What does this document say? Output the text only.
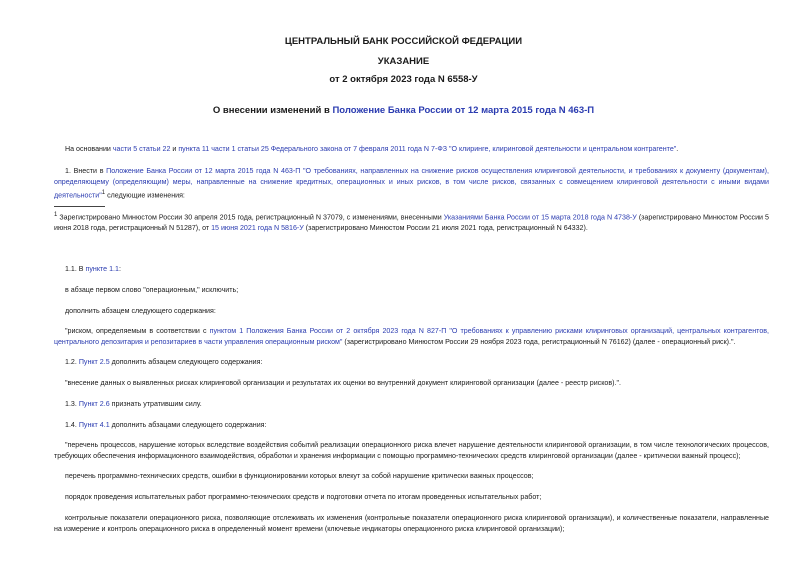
ЦЕНТРАЛЬНЫЙ БАНК РОССИЙСКОЙ ФЕДЕРАЦИИ
УКАЗАНИЕ
от 2 октября 2023 года N 6558-У
О внесении изменений в Положение Банка России от 12 марта 2015 года N 463-П
На основании части 5 статьи 22 и пункта 11 части 1 статьи 25 Федерального закона от 7 февраля 2011 года N 7-ФЗ "О клиринге, клиринговой деятельности и центральном контрагенте".
1. Внести в Положение Банка России от 12 марта 2015 года N 463-П "О требованиях, направленных на снижение рисков осуществления клиринговой деятельности, и требованиях к документу (документам), определяющему (определяющим) меры, направленные на снижение кредитных, операционных и иных рисков, в том числе рисков, связанных с совмещением клиринговой деятельности с иными видами деятельности"$^1$ следующие изменения:
$^1$ Зарегистрировано Минюстом России 30 апреля 2015 года, регистрационный N 37079, с изменениями, внесенными Указаниями Банка России от 15 марта 2018 года N 4738-У (зарегистрировано Минюстом России 5 июня 2018 года, регистрационный N 51287), от 15 июня 2021 года N 5816-У (зарегистрировано Минюстом России 21 июля 2021 года, регистрационный N 64332).
1.1. В пункте 1.1:
в абзаце первом слово "операционным," исключить;
дополнить абзацем следующего содержания:
"риском, определяемым в соответствии с пунктом 1 Положения Банка России от 2 октября 2023 года N 827-П "О требованиях к управлению рисками клиринговых организаций, центральных контрагентов, центрального депозитария и репозитариев в части управления операционным риском" (зарегистрировано Минюстом России 29 ноября 2023 года, регистрационный N 76162) (далее - операционный риск).".
1.2. Пункт 2.5 дополнить абзацем следующего содержания:
"внесение данных о выявленных рисках клиринговой организации и результатах их оценки во внутренний документ клиринговой организации (далее - реестр рисков).".
1.3. Пункт 2.6 признать утратившим силу.
1.4. Пункт 4.1 дополнить абзацами следующего содержания:
"перечень процессов, нарушение которых вследствие воздействия событий реализации операционного риска влечет нарушение деятельности клиринговой организации, в том числе технологических процессов, требующих обеспечения информационного взаимодействия, обработки и хранения информации с помощью программно-технических средств клиринговой организации (далее - критически важный процесс);
перечень программно-технических средств, ошибки в функционировании которых влекут за собой нарушение критически важных процессов;
порядок проведения испытательных работ программно-технических средств и подготовки отчета по итогам проведенных испытательных работ;
контрольные показатели операционного риска, позволяющие отслеживать их изменения (контрольные показатели операционного риска клиринговой организации), и количественные показатели, направленные на измерение и контроль операционного риска в определенный момент времени (ключевые индикаторы операционного риска клиринговой организации);
